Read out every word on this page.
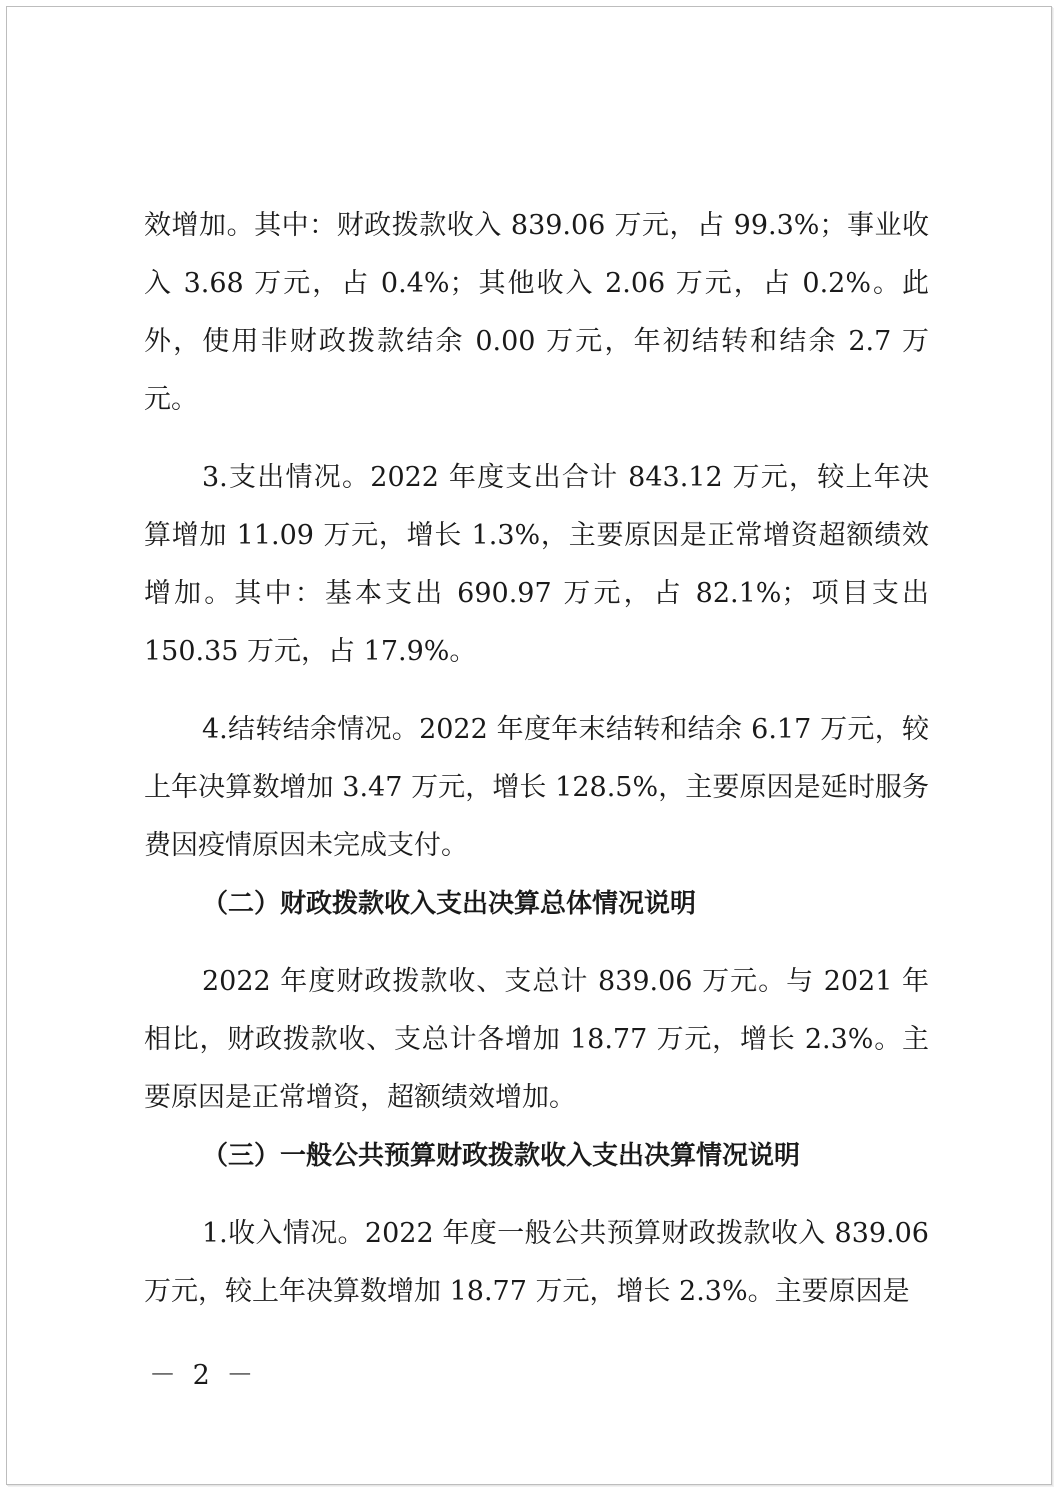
效增加。其中：财政拨款收入 839.06 万元，占 99.3%；事业收入 3.68 万元，占 0.4%；其他收入 2.06 万元，占 0.2%。此外，使用非财政拨款结余 0.00 万元，年初结转和结余 2.7 万元。

3.支出情况。2022 年度支出合计 843.12 万元，较上年决算增加 11.09 万元，增长 1.3%，主要原因是正常增资超额绩效增加。其中：基本支出 690.97 万元，占 82.1%；项目支出 150.35 万元，占 17.9%。

4.结转结余情况。2022 年度年末结转和结余 6.17 万元，较上年决算数增加 3.47 万元，增长 128.5%，主要原因是延时服务费因疫情原因未完成支付。

（二）财政拨款收入支出决算总体情况说明

2022 年度财政拨款收、支总计 839.06 万元。与 2021 年相比，财政拨款收、支总计各增加 18.77 万元，增长 2.3%。主要原因是正常增资，超额绩效增加。

（三）一般公共预算财政拨款收入支出决算情况说明

1.收入情况。2022 年度一般公共预算财政拨款收入 839.06 万元，较上年决算数增加 18.77 万元，增长 2.3%。主要原因是

－ 2 －
